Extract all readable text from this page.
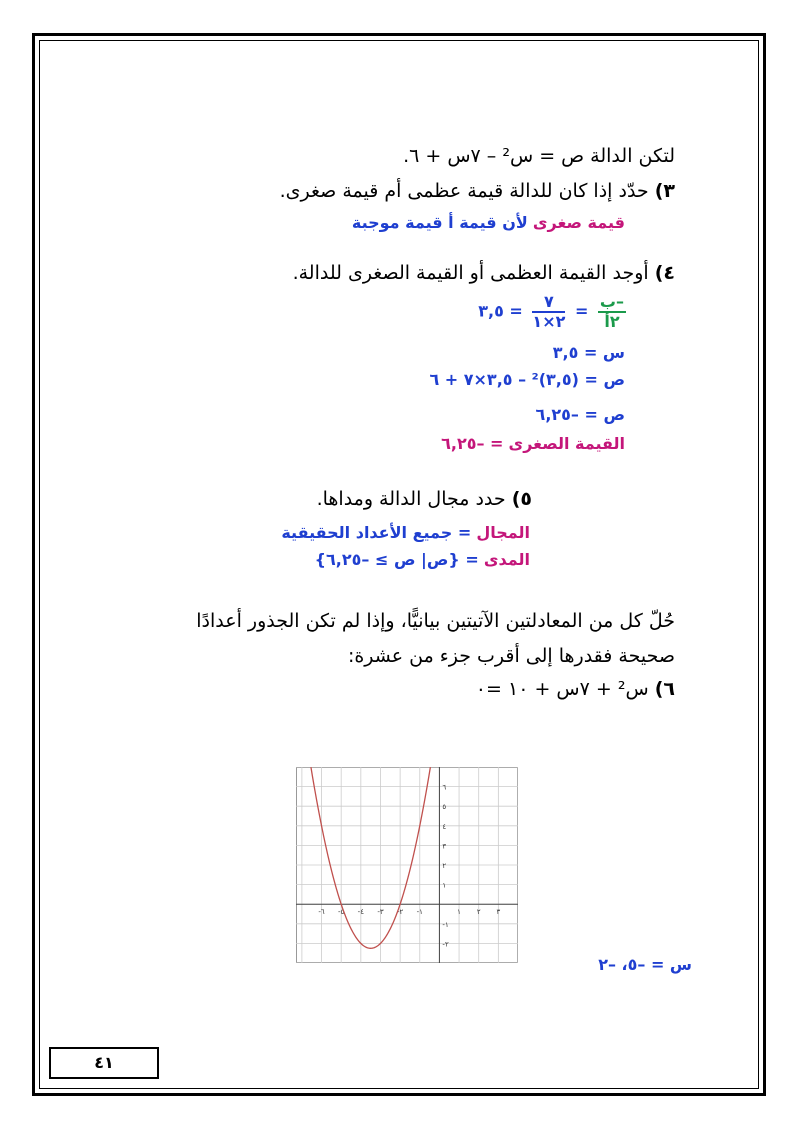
لتكن الدالة ص = س² – ٧س + ٦.
٣) حدّد إذا كان للدالة قيمة عظمى أم قيمة صغرى.
قيمة صغرى لأن قيمة أ قيمة موجبة
٤) أوجد القيمة العظمى أو القيمة الصغرى للدالة.
$\frac{\text{–ب}}{\text{٢أ}}$
=
$\frac{٧}{٢\times ١}$
= ٣,٥
س = ٣,٥
ص = (٣,٥)² – ٣,٥×٧ + ٦
ص = –٦,٢٥
القيمة الصغرى = –٦,٢٥
٥) حدد مجال الدالة ومداها.
المجال = جميع الأعداد الحقيقية
المدى = {ص| ص ≥ –٦,٢٥}
حُلّ كل من المعادلتين الآتيتين بيانيًّا، وإذا لم تكن الجذور أعدادًا
صحيحة فقدرها إلى أقرب جزء من عشرة:
٦) س² + ٧س + ١٠ =٠
-٦ -٥ -٤ -٣ -٢ -١	١ ٢ ٣
٦
٥
٤
٣
٢
١
-١
-٢
س = –٥، –٢
٤١
